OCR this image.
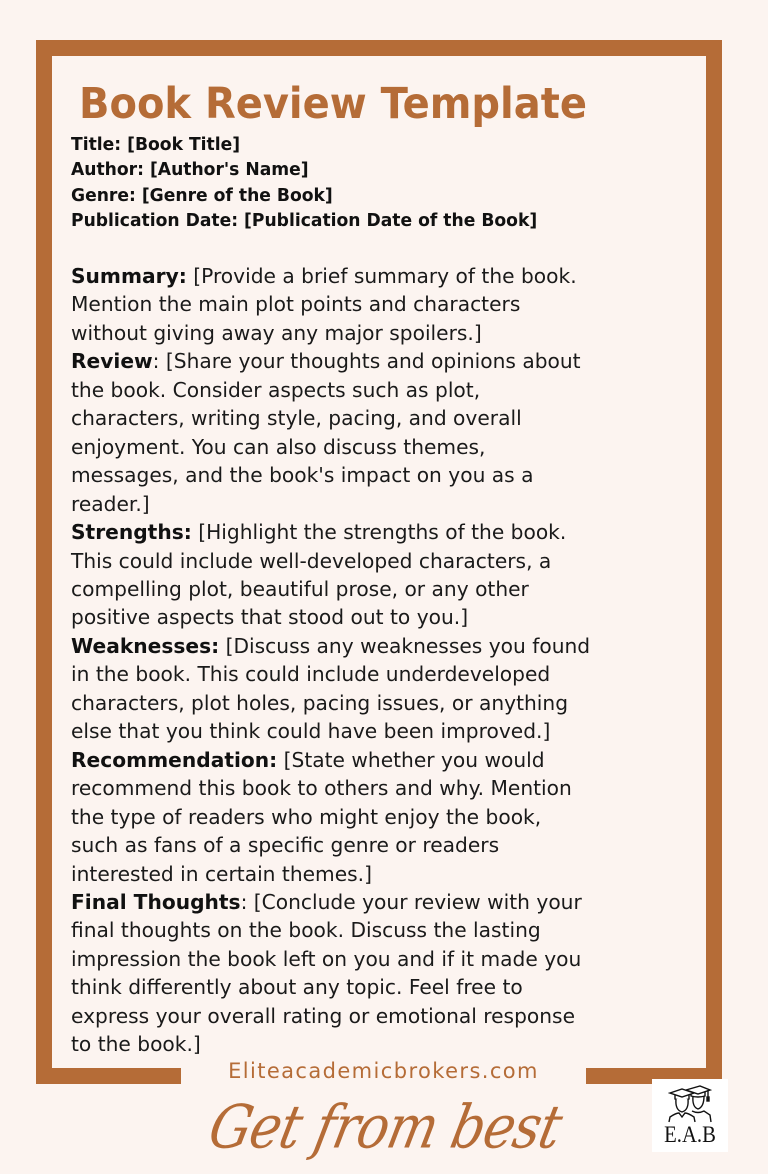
Book Review Template
Title: [Book Title]
Author: [Author's Name]
Genre: [Genre of the Book]
Publication Date: [Publication Date of the Book]
Summary: [Provide a brief summary of the book.
Mention the main plot points and characters
without giving away any major spoilers.]
Review: [Share your thoughts and opinions about
the book. Consider aspects such as plot,
characters, writing style, pacing, and overall
enjoyment. You can also discuss themes,
messages, and the book's impact on you as a
reader.]
Strengths: [Highlight the strengths of the book.
This could include well-developed characters, a
compelling plot, beautiful prose, or any other
positive aspects that stood out to you.]
Weaknesses: [Discuss any weaknesses you found
in the book. This could include underdeveloped
characters, plot holes, pacing issues, or anything
else that you think could have been improved.]
Recommendation: [State whether you would
recommend this book to others and why. Mention
the type of readers who might enjoy the book,
such as fans of a specific genre or readers
interested in certain themes.]
Final Thoughts: [Conclude your review with your
final thoughts on the book. Discuss the lasting
impression the book left on you and if it made you
think differently about any topic. Feel free to
express your overall rating or emotional response
to the book.]
Eliteacademicbrokers.com
Get from best	E.A.B
